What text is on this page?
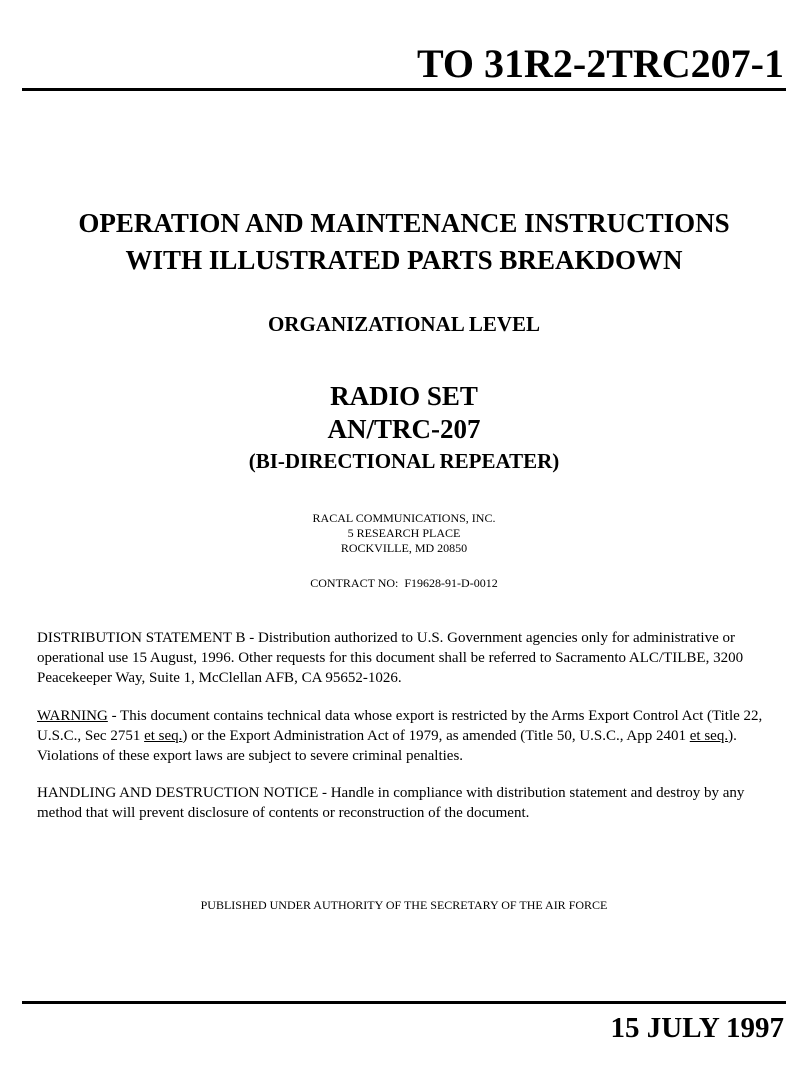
TO 31R2-2TRC207-1
OPERATION AND MAINTENANCE INSTRUCTIONS
WITH ILLUSTRATED PARTS BREAKDOWN
ORGANIZATIONAL LEVEL
RADIO SET
AN/TRC-207
(BI-DIRECTIONAL REPEATER)
RACAL COMMUNICATIONS, INC.
5 RESEARCH PLACE
ROCKVILLE, MD 20850
CONTRACT NO:  F19628-91-D-0012
DISTRIBUTION STATEMENT B - Distribution authorized to U.S. Government agencies only for administrative or operational use 15 August, 1996. Other requests for this document shall be referred to Sacramento ALC/TILBE, 3200 Peacekeeper Way, Suite 1, McClellan AFB, CA 95652-1026.
WARNING - This document contains technical data whose export is restricted by the Arms Export Control Act (Title 22, U.S.C., Sec 2751 et seq.) or the Export Administration Act of 1979, as amended (Title 50, U.S.C., App 2401 et seq.). Violations of these export laws are subject to severe criminal penalties.
HANDLING AND DESTRUCTION NOTICE - Handle in compliance with distribution statement and destroy by any method that will prevent disclosure of contents or reconstruction of the document.
PUBLISHED UNDER AUTHORITY OF THE SECRETARY OF THE AIR FORCE
15 JULY 1997
